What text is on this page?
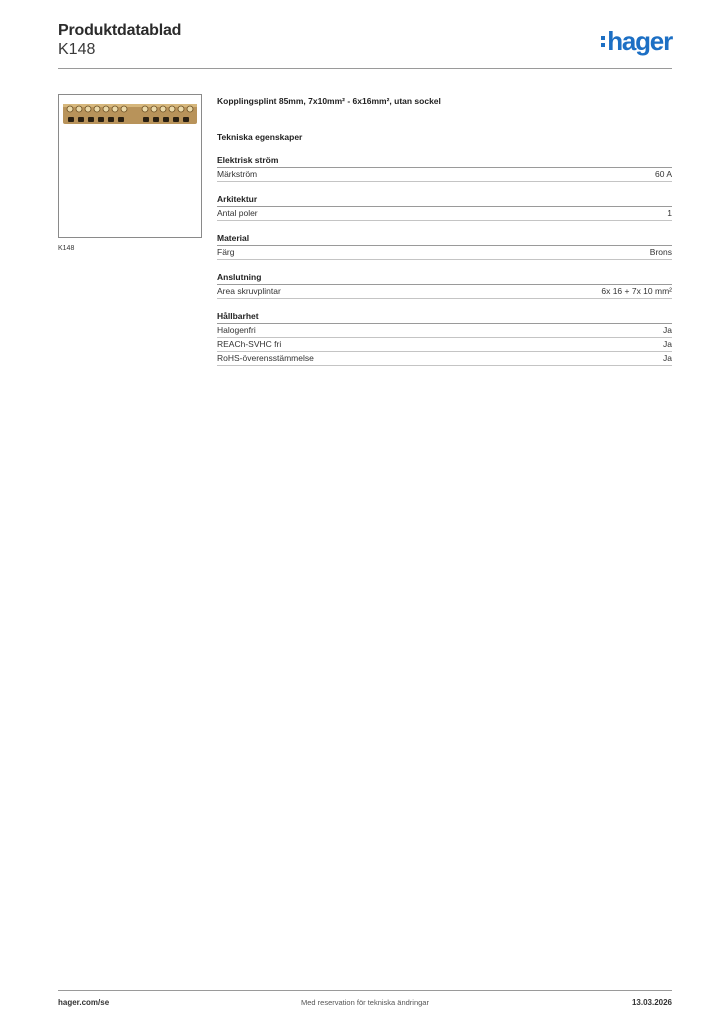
Produktdatablad
K148	hager
K148
Kopplingsplint 85mm, 7x10mm² - 6x16mm², utan sockel
Tekniska egenskaper
Elektrisk ström
Märkström	60 A
Arkitektur
Antal poler	1
Material
Färg	Brons
Anslutning
Area skruvplintar	6x 16 + 7x 10 mm²
Hållbarhet
Halogenfri	Ja
REACh-SVHC fri	Ja
RoHS-överensstämmelse	Ja
hager.com/se	Med reservation för tekniska ändringar	13.03.2026
